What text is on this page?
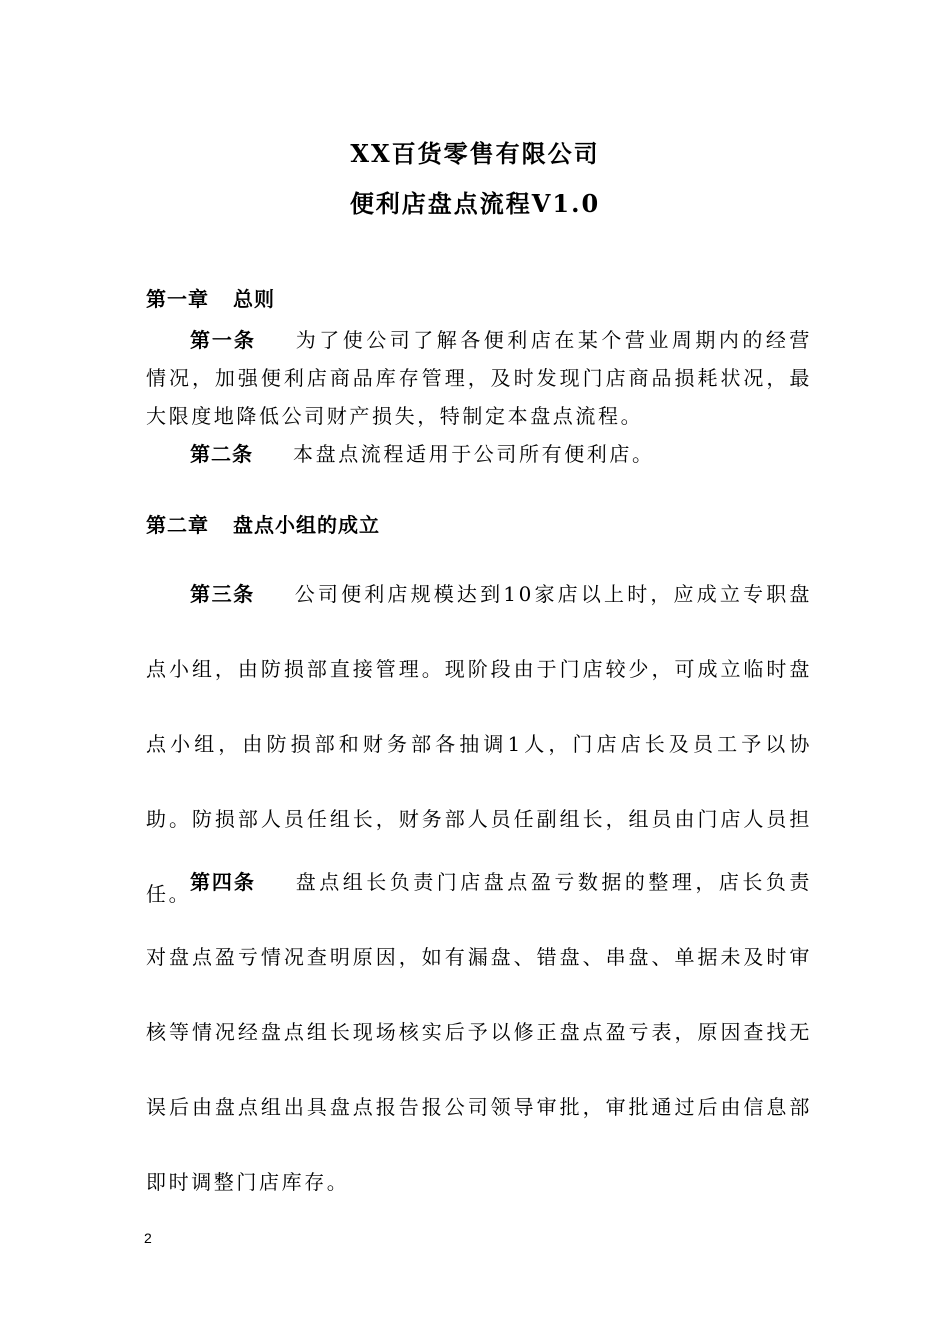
XX百货零售有限公司
便利店盘点流程V1.0
第一章 总则

第一条 为了使公司了解各便利店在某个营业周期内的经营情况，加强便利店商品库存管理，及时发现门店商品损耗状况，最大限度地降低公司财产损失，特制定本盘点流程。

第二条 本盘点流程适用于公司所有便利店。

第二章 盘点小组的成立

第三条 公司便利店规模达到10家店以上时，应成立专职盘点小组，由防损部直接管理。现阶段由于门店较少，可成立临时盘点小组，由防损部和财务部各抽调1人，门店店长及员工予以协助。防损部人员任组长，财务部人员任副组长，组员由门店人员担任。

第四条 盘点组长负责门店盘点盈亏数据的整理，店长负责对盘点盈亏情况查明原因，如有漏盘、错盘、串盘、单据未及时审核等情况经盘点组长现场核实后予以修正盘点盈亏表，原因查找无误后由盘点组出具盘点报告报公司领导审批，审批通过后由信息部即时调整门店库存。

2
